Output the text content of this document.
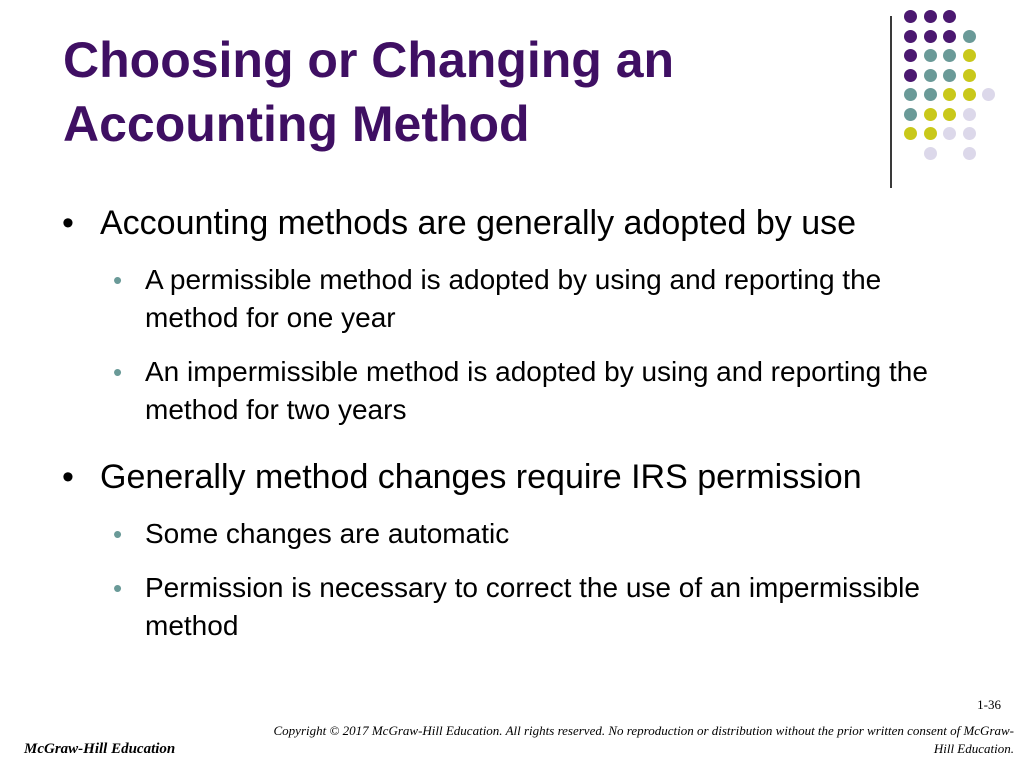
Choosing or Changing an Accounting Method
• Accounting methods are generally adopted by use
• A permissible method is adopted by using and reporting the method for one year
• An impermissible method is adopted by using and reporting the method for two years
• Generally method changes require IRS permission
• Some changes are automatic
• Permission is necessary to correct the use of an impermissible method
1-36
Copyright © 2017 McGraw-Hill Education. All rights reserved. No reproduction or distribution without the prior written consent of McGraw-Hill Education.
McGraw-Hill Education
